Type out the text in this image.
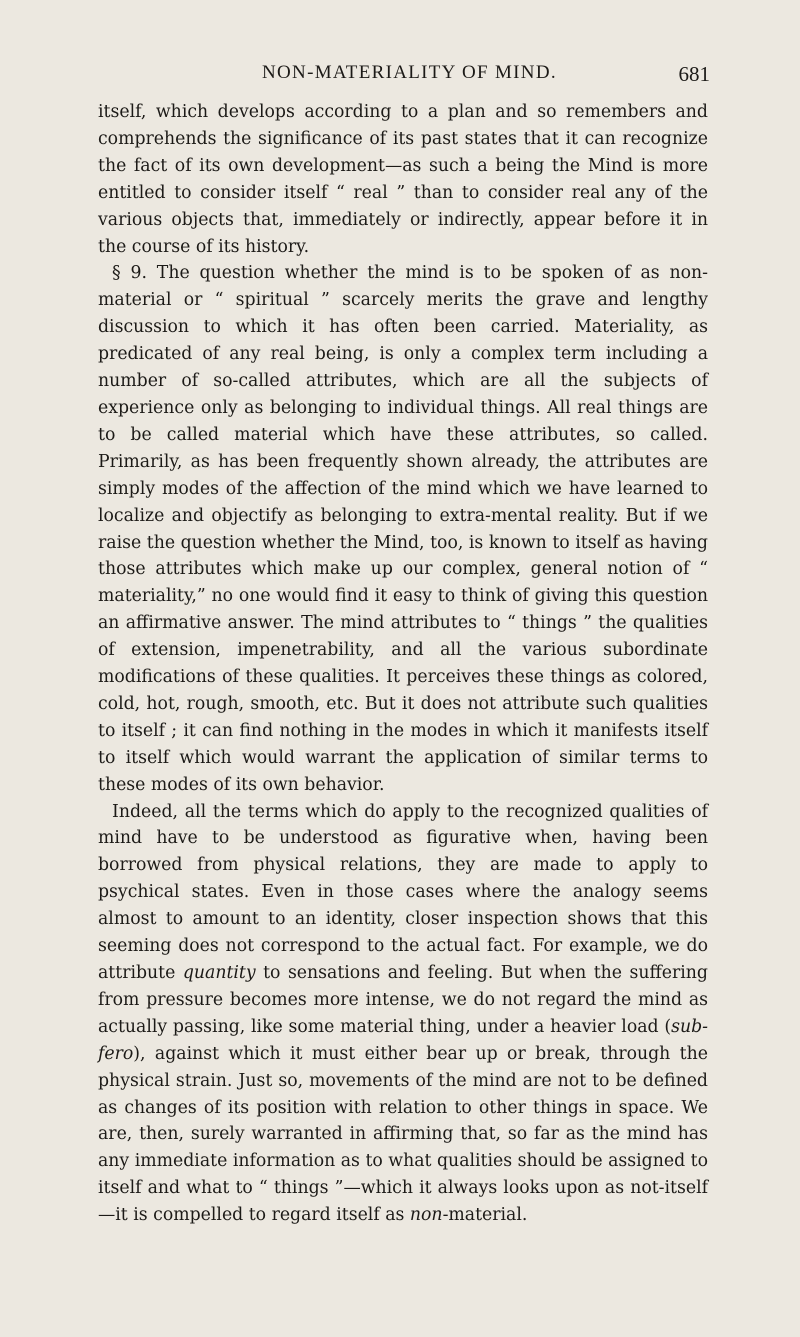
NON-MATERIALITY OF MIND.	681

itself, which develops according to a plan and so remembers and comprehends the significance of its past states that it can recognize the fact of its own development—as such a being the Mind is more entitled to consider itself “ real ” than to consider real any of the various objects that, immediately or indirectly, appear before it in the course of its history.

§ 9. The question whether the mind is to be spoken of as non-material or “ spiritual ” scarcely merits the grave and lengthy discussion to which it has often been carried. Materiality, as predicated of any real being, is only a complex term including a number of so-called attributes, which are all the subjects of experience only as belonging to individual things. All real things are to be called material which have these attributes, so called. Primarily, as has been frequently shown already, the attributes are simply modes of the affection of the mind which we have learned to localize and objectify as belonging to extra-mental reality. But if we raise the question whether the Mind, too, is known to itself as having those attributes which make up our complex, general notion of “ materiality,” no one would find it easy to think of giving this question an affirmative answer. The mind attributes to “ things ” the qualities of extension, impenetrability, and all the various subordinate modifications of these qualities. It perceives these things as colored, cold, hot, rough, smooth, etc. But it does not attribute such qualities to itself ; it can find nothing in the modes in which it manifests itself to itself which would warrant the application of similar terms to these modes of its own behavior.

Indeed, all the terms which do apply to the recognized qualities of mind have to be understood as figurative when, having been borrowed from physical relations, they are made to apply to psychical states. Even in those cases where the analogy seems almost to amount to an identity, closer inspection shows that this seeming does not correspond to the actual fact. For example, we do attribute quantity to sensations and feeling. But when the suffering from pressure becomes more intense, we do not regard the mind as actually passing, like some material thing, under a heavier load (sub-fero), against which it must either bear up or break, through the physical strain. Just so, movements of the mind are not to be defined as changes of its position with relation to other things in space. We are, then, surely warranted in affirming that, so far as the mind has any immediate information as to what qualities should be assigned to itself and what to “ things ”—which it always looks upon as not-itself—it is compelled to regard itself as non-material.
